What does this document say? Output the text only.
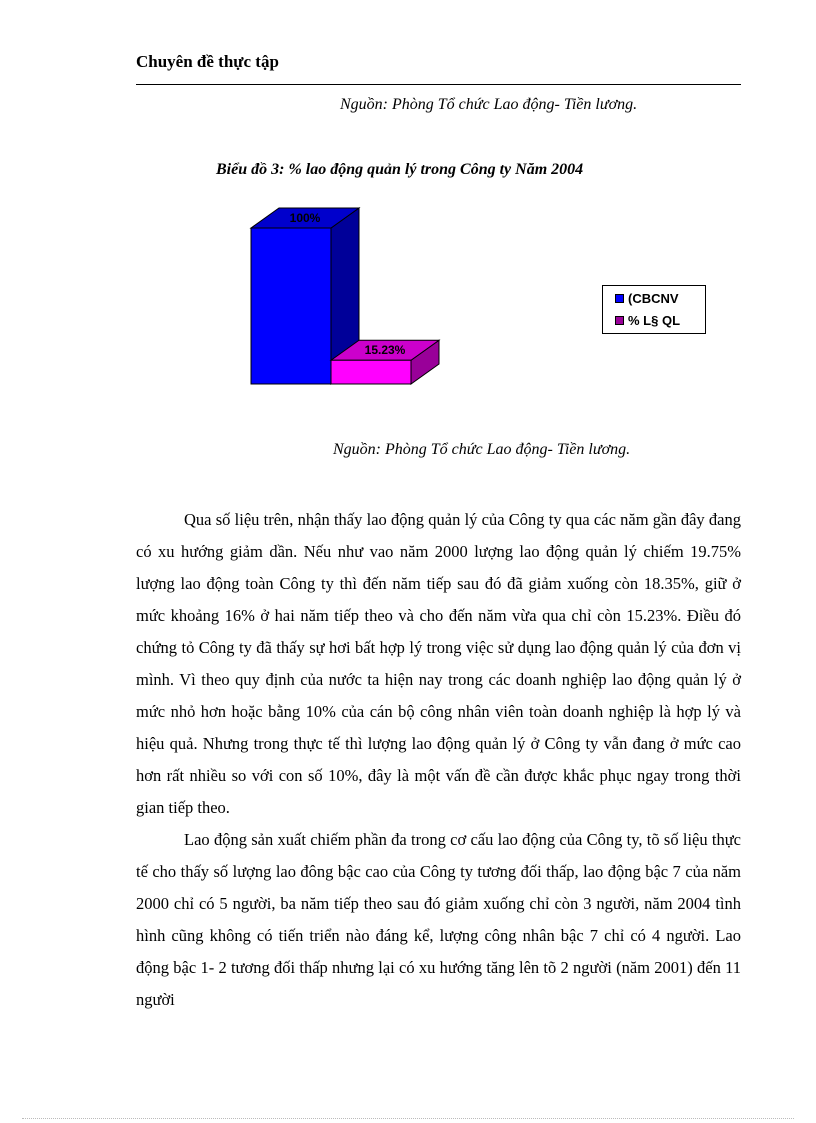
Chuyên đề thực tập
Nguồn: Phòng Tổ chức Lao động- Tiền lương.
Biểu đồ 3: % lao động quản lý trong Công ty Năm 2004
100%
15.23%
(CBCNV
% L§ QL
Nguồn: Phòng Tổ chức Lao động- Tiền lương.

Qua số liệu trên, nhận thấy lao động quản lý của Công ty qua các năm gần đây đang có xu hướng giảm dần. Nếu như vao năm 2000 lượng lao động quản lý chiếm 19.75% lượng lao động toàn Công ty thì đến năm tiếp sau đó đã giảm xuống còn 18.35%, giữ ở mức khoảng 16% ở hai năm tiếp theo và cho đến năm vừa qua chỉ còn 15.23%. Điều đó chứng tỏ Công ty đã thấy sự hơi bất hợp lý trong việc sử dụng lao động quản lý của đơn vị mình. Vì theo quy định của nước ta hiện nay trong các doanh nghiệp lao động quản lý ở mức nhỏ hơn hoặc bằng 10% của cán bộ công nhân viên toàn doanh nghiệp là hợp lý và hiệu quả. Nhưng trong thực tế thì lượng lao động quản lý ở Công ty vẫn đang ở mức cao hơn rất nhiều so với con số 10%, đây là một vấn đề cần được khắc phục ngay trong thời gian tiếp theo.

Lao động sản xuất chiếm phần đa trong cơ cấu lao động của Công ty, tõ số liệu thực tế cho thấy số lượng lao đông bậc cao của Công ty tương đối thấp, lao động bậc 7 của năm 2000 chỉ có 5 người, ba năm tiếp theo sau đó giảm xuống chỉ còn 3 người, năm 2004 tình hình cũng không có tiến triển nào đáng kể, lượng công nhân bậc 7 chỉ có 4 người. Lao động bậc 1- 2 tương đối thấp nhưng lại có xu hướng tăng lên tõ 2 người (năm 2001) đến 11 người
